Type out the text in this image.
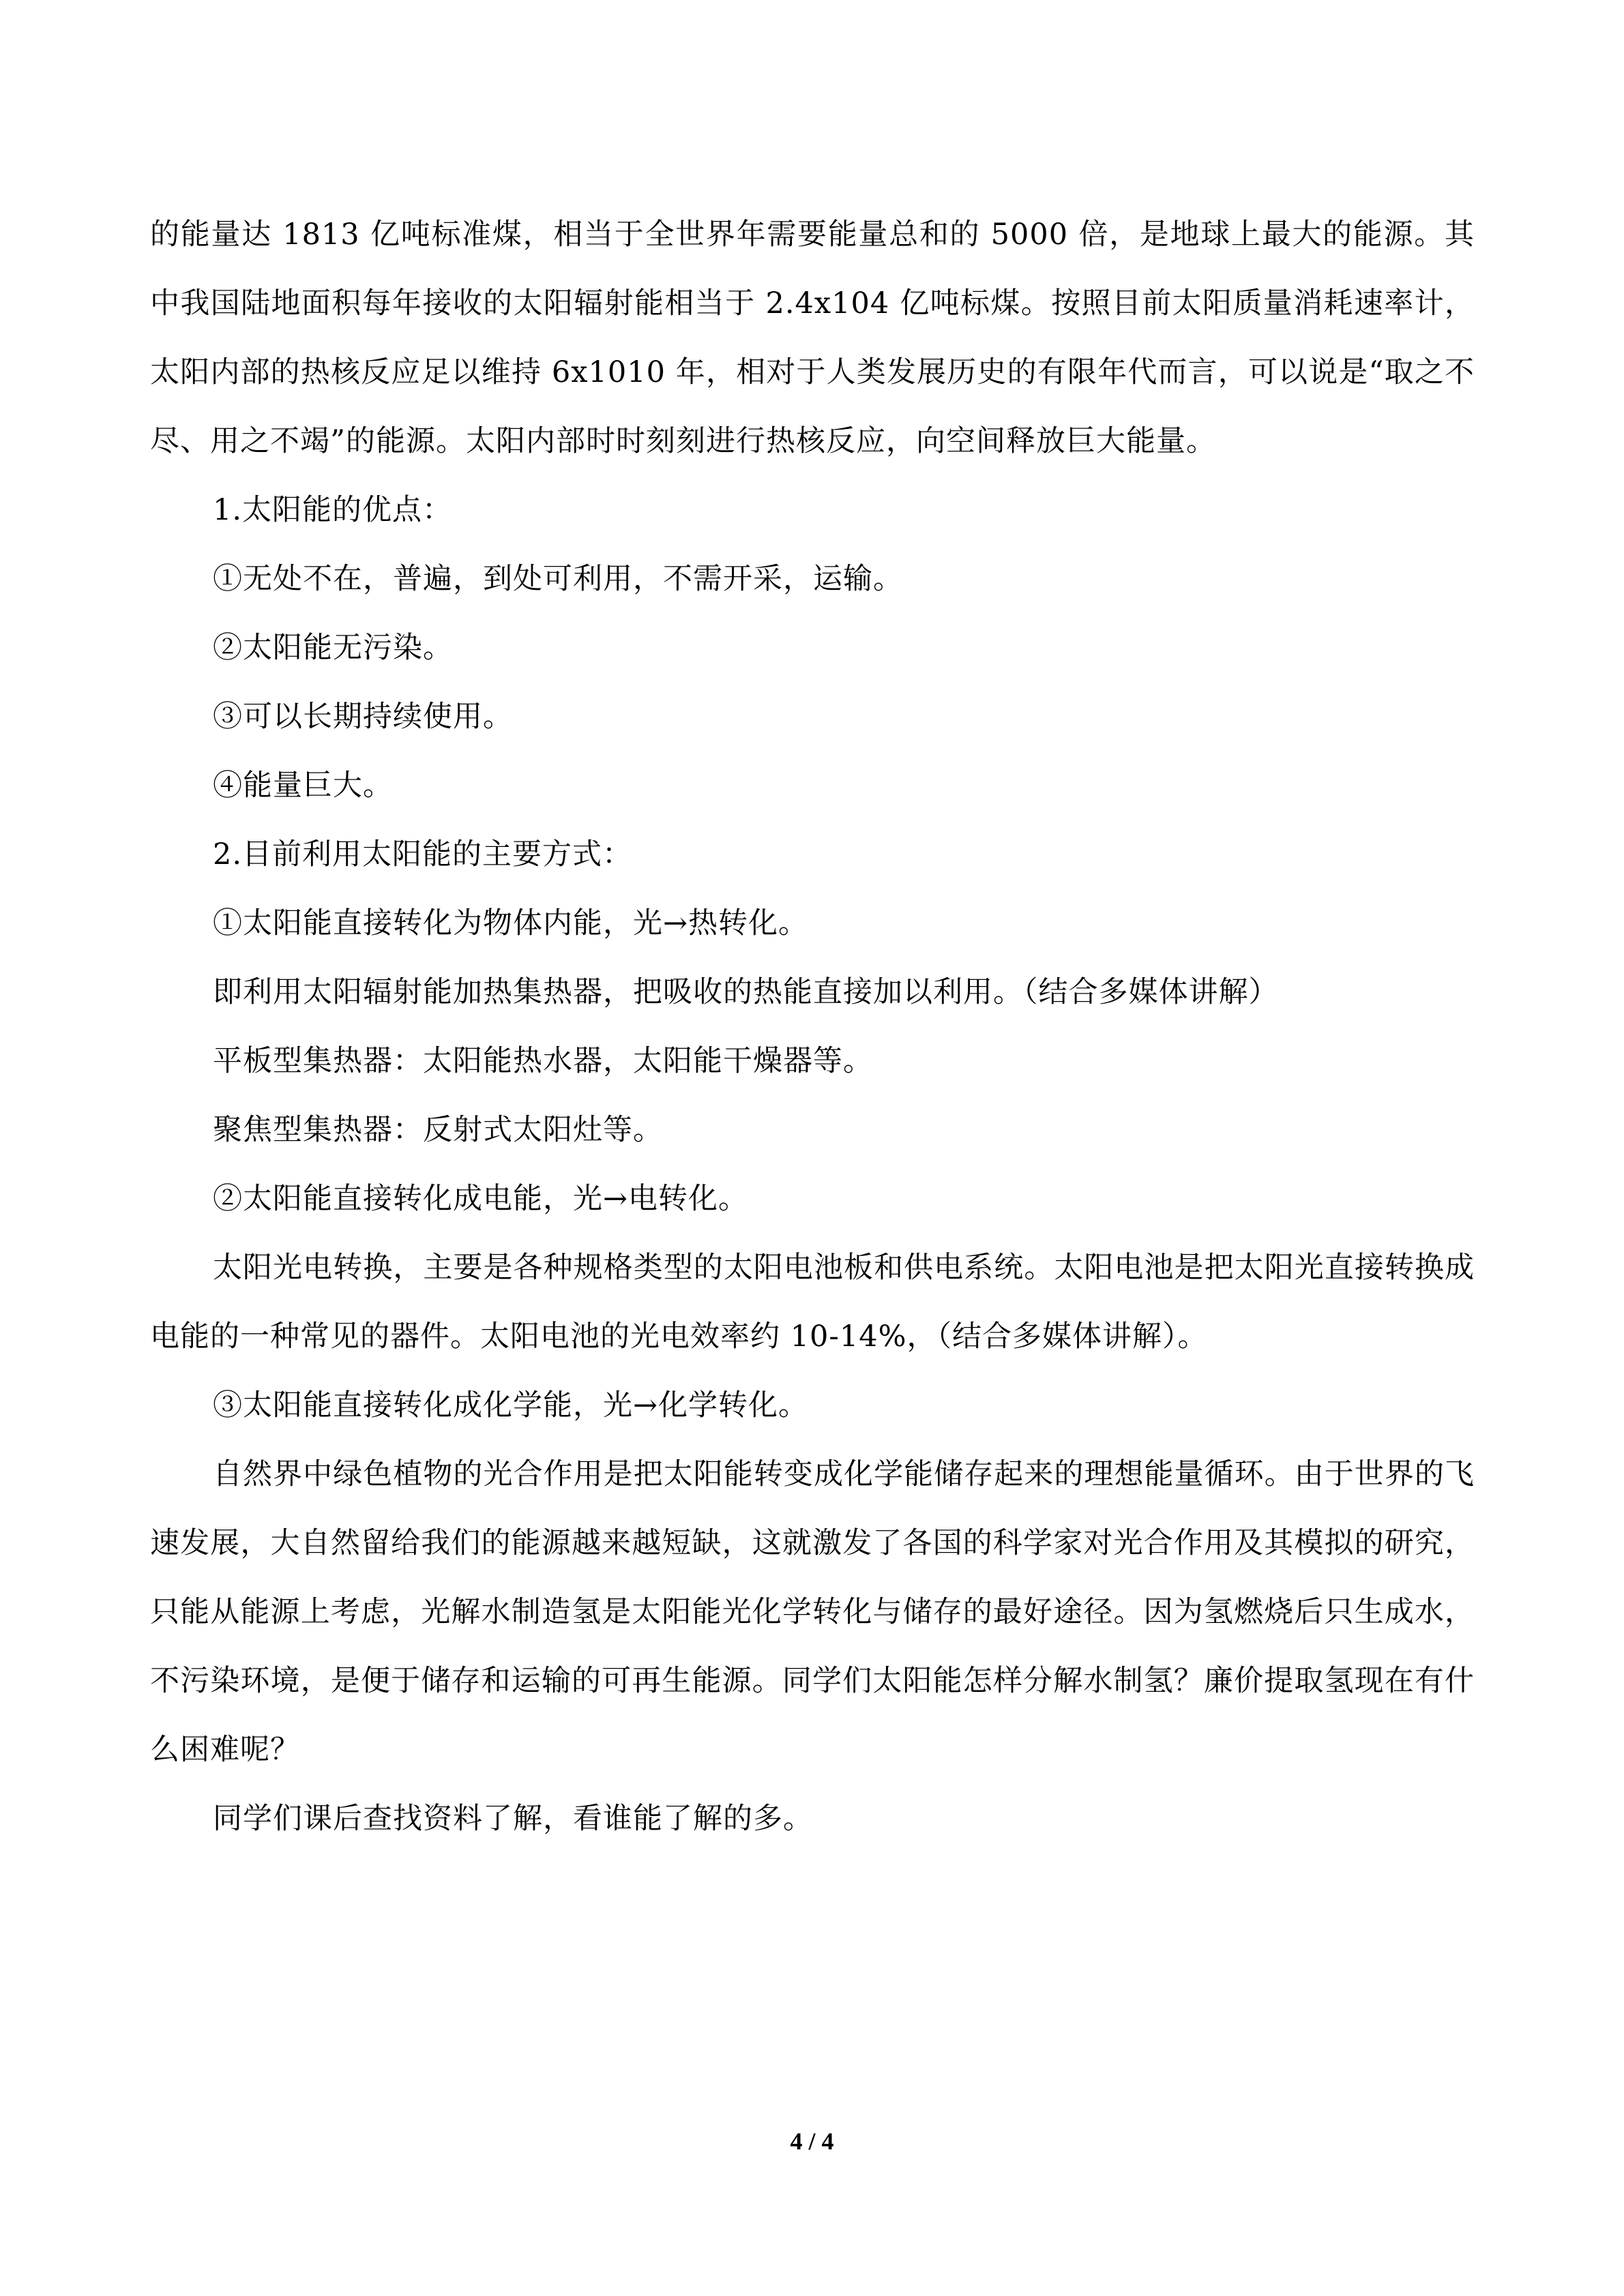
的能量达 1813 亿吨标准煤，相当于全世界年需要能量总和的 5000 倍，是地球上最大的能源。其中我国陆地面积每年接收的太阳辐射能相当于 2.4x104 亿吨标煤。按照目前太阳质量消耗速率计，太阳内部的热核反应足以维持 6x1010 年，相对于人类发展历史的有限年代而言，可以说是“取之不尽、用之不竭”的能源。太阳内部时时刻刻进行热核反应，向空间释放巨大能量。

1.太阳能的优点：

①无处不在，普遍，到处可利用，不需开采，运输。

②太阳能无污染。

③可以长期持续使用。

④能量巨大。

2.目前利用太阳能的主要方式：

①太阳能直接转化为物体内能，光→热转化。

即利用太阳辐射能加热集热器，把吸收的热能直接加以利用。（结合多媒体讲解）

平板型集热器：太阳能热水器，太阳能干燥器等。

聚焦型集热器：反射式太阳灶等。

②太阳能直接转化成电能，光→电转化。

太阳光电转换，主要是各种规格类型的太阳电池板和供电系统。太阳电池是把太阳光直接转换成电能的一种常见的器件。太阳电池的光电效率约 10-14%，（结合多媒体讲解）。

③太阳能直接转化成化学能，光→化学转化。

自然界中绿色植物的光合作用是把太阳能转变成化学能储存起来的理想能量循环。由于世界的飞速发展，大自然留给我们的能源越来越短缺，这就激发了各国的科学家对光合作用及其模拟的研究，只能从能源上考虑，光解水制造氢是太阳能光化学转化与储存的最好途径。因为氢燃烧后只生成水，不污染环境，是便于储存和运输的可再生能源。同学们太阳能怎样分解水制氢？廉价提取氢现在有什么困难呢？

同学们课后查找资料了解，看谁能了解的多。

4 / 4
